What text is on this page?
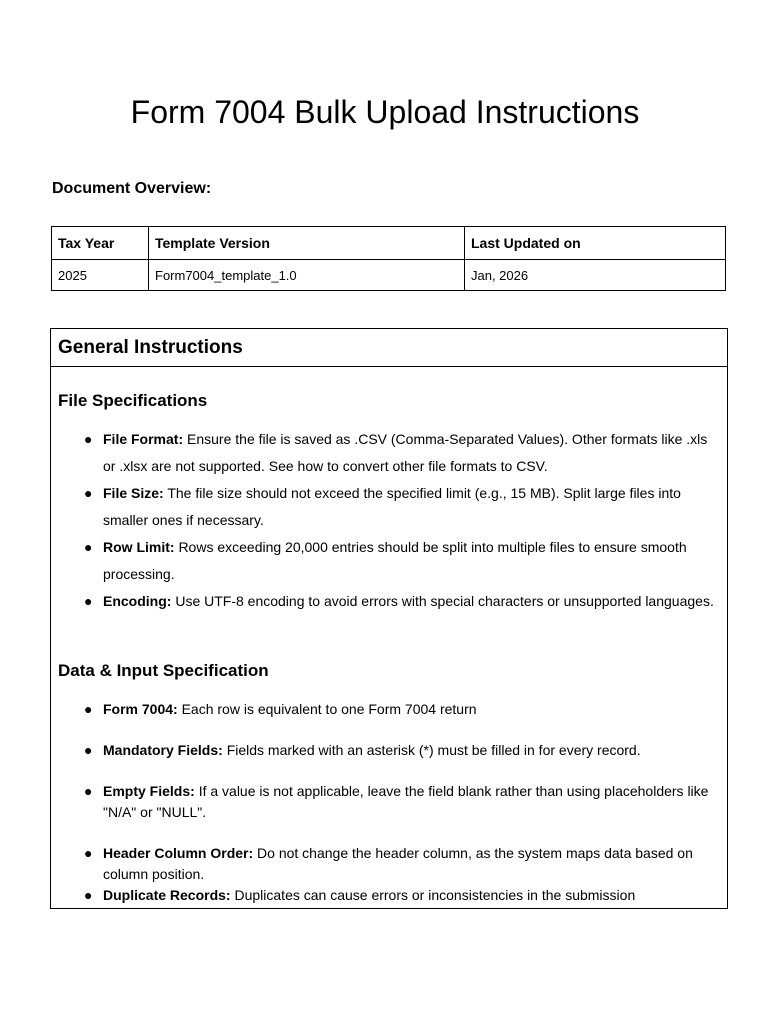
Form 7004 Bulk Upload Instructions
Document Overview:
Tax Year	Template Version	Last Updated on
2025	Form7004_template_1.0	Jan, 2026
General Instructions
File Specifications
● File Format: Ensure the file is saved as .CSV (Comma-Separated Values). Other formats like .xls or .xlsx are not supported. See how to convert other file formats to CSV.
● File Size: The file size should not exceed the specified limit (e.g., 15 MB). Split large files into smaller ones if necessary.
● Row Limit: Rows exceeding 20,000 entries should be split into multiple files to ensure smooth processing.
● Encoding: Use UTF-8 encoding to avoid errors with special characters or unsupported languages.
Data & Input Specification
● Form 7004: Each row is equivalent to one Form 7004 return
● Mandatory Fields: Fields marked with an asterisk (*) must be filled in for every record.
● Empty Fields: If a value is not applicable, leave the field blank rather than using placeholders like "N/A" or "NULL".
● Header Column Order: Do not change the header column, as the system maps data based on column position.
● Duplicate Records: Duplicates can cause errors or inconsistencies in the submission
